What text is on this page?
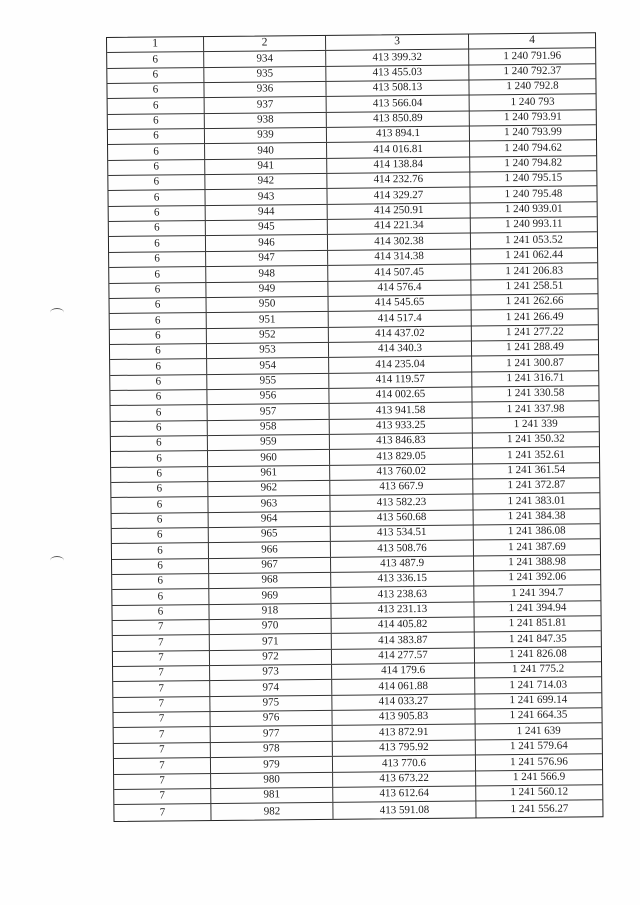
1	2	3	4
6	934	413 399.32	1 240 791.96
6	935	413 455.03	1 240 792.37
6	936	413 508.13	1 240 792.8
6	937	413 566.04	1 240 793
6	938	413 850.89	1 240 793.91
6	939	413 894.1	1 240 793.99
6	940	414 016.81	1 240 794.62
6	941	414 138.84	1 240 794.82
6	942	414 232.76	1 240 795.15
6	943	414 329.27	1 240 795.48
6	944	414 250.91	1 240 939.01
6	945	414 221.34	1 240 993.11
6	946	414 302.38	1 241 053.52
6	947	414 314.38	1 241 062.44
6	948	414 507.45	1 241 206.83
6	949	414 576.4	1 241 258.51
6	950	414 545.65	1 241 262.66
6	951	414 517.4	1 241 266.49
6	952	414 437.02	1 241 277.22
6	953	414 340.3	1 241 288.49
6	954	414 235.04	1 241 300.87
6	955	414 119.57	1 241 316.71
6	956	414 002.65	1 241 330.58
6	957	413 941.58	1 241 337.98
6	958	413 933.25	1 241 339
6	959	413 846.83	1 241 350.32
6	960	413 829.05	1 241 352.61
6	961	413 760.02	1 241 361.54
6	962	413 667.9	1 241 372.87
6	963	413 582.23	1 241 383.01
6	964	413 560.68	1 241 384.38
6	965	413 534.51	1 241 386.08
6	966	413 508.76	1 241 387.69
6	967	413 487.9	1 241 388.98
6	968	413 336.15	1 241 392.06
6	969	413 238.63	1 241 394.7
6	918	413 231.13	1 241 394.94
7	970	414 405.82	1 241 851.81
7	971	414 383.87	1 241 847.35
7	972	414 277.57	1 241 826.08
7	973	414 179.6	1 241 775.2
7	974	414 061.88	1 241 714.03
7	975	414 033.27	1 241 699.14
7	976	413 905.83	1 241 664.35
7	977	413 872.91	1 241 639
7	978	413 795.92	1 241 579.64
7	979	413 770.6	1 241 576.96
7	980	413 673.22	1 241 566.9
7	981	413 612.64	1 241 560.12
7	982	413 591.08	1 241 556.27
